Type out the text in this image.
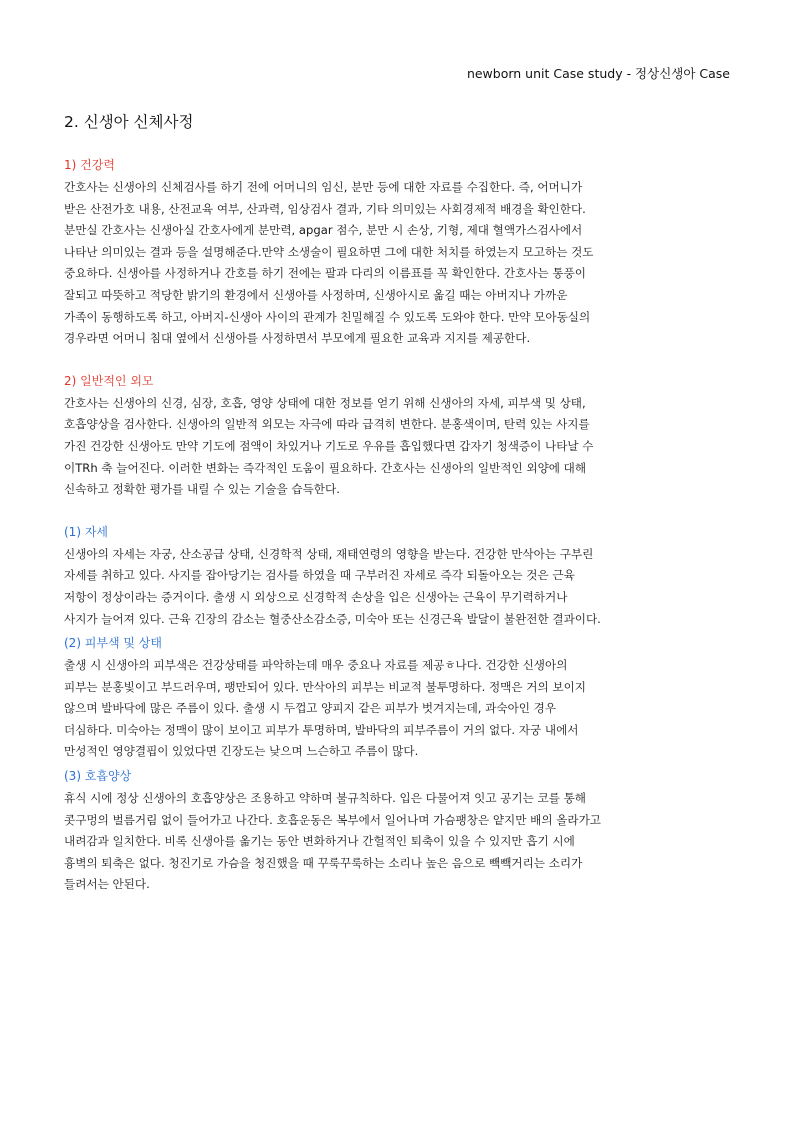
newborn unit Case study - 정상신생아 Case
2. 신생아 신체사정
1) 건강력
간호사는 신생아의 신체검사를 하기 전에 어머니의 임신, 분만 등에 대한 자료를 수집한다. 즉, 어머니가
받은 산전가호 내용, 산전교육 여부, 산과력, 임상검사 결과, 기타 의미있는 사회경제적 배경을 확인한다.
분만실 간호사는 신생아실 간호사에게 분만력, apgar 점수, 분만 시 손상, 기형, 제대 혈액가스검사에서
나타난 의미있는 결과 등을 설명해준다.만약 소생술이 필요하면 그에 대한 처치를 하였는지 모고하는 것도
중요하다. 신생아를 사정하거나 간호를 하기 전에는 팔과 다리의 이름표를 꼭 확인한다. 간호사는 통풍이
잘되고 따뜻하고 적당한 밝기의 환경에서 신생아를 사정하며, 신생아시로 옮길 때는 아버지나 가까운
가족이 동행하도록 하고, 아버지-신생아 사이의 관계가 친밀해질 수 있도록 도와야 한다. 만약 모아동실의
경우라면 어머니 침대 옆에서 신생아를 사정하면서 부모에게 필요한 교육과 지지를 제공한다.
2) 일반적인 외모
간호사는 신생아의 신경, 심장, 호흡, 영양 상태에 대한 정보를 얻기 위해 신생아의 자세, 피부색 및 상태,
호흡양상을 검사한다. 신생아의 일반적 외모는 자극에 따라 급격히 변한다. 분홍색이며, 탄력 있는 사지를
가진 건강한 신생아도 만약 기도에 점액이 차있거나 기도로 우유를 흡입했다면 갑자기 청색증이 나타날 수
이TRh 축 늘어진다. 이러한 변화는 즉각적인 도움이 필요하다. 간호사는 신생아의 일반적인 외양에 대해
신속하고 정확한 평가를 내릴 수 있는 기술을 습득한다.
(1) 자세
신생아의 자세는 자궁, 산소공급 상태, 신경학적 상태, 재태연령의 영향을 받는다. 건강한 만삭아는 구부린
자세를 취하고 있다. 사지를 잡아당기는 검사를 하였을 때 구부러진 자세로 즉각 되돌아오는 것은 근육
저항이 정상이라는 증거이다. 출생 시 외상으로 신경학적 손상을 입은 신생아는 근육이 무기력하거나
사지가 늘어져 있다. 근육 긴장의 감소는 혈중산소감소증, 미숙아 또는 신경근육 발달이 불완전한 결과이다.
(2) 피부색 및 상태
출생 시 신생아의 피부색은 건강상태를 파악하는데 매우 중요나 자료를 제공ㅎ나다. 건강한 신생아의
피부는 분홍빛이고 부드러우며, 팽만되어 있다. 만삭아의 피부는 비교적 불투명하다. 정맥은 거의 보이지
않으며 발바닥에 많은 주름이 있다. 출생 시 두껍고 양피지 같은 피부가 벗겨지는데, 과숙아인 경우
더심하다. 미숙아는 정맥이 많이 보이고 피부가 투명하며, 발바닥의 피부주름이 거의 없다. 자궁 내에서
만성적인 영양결핍이 있었다면 긴장도는 낮으며 느슨하고 주름이 많다.
(3) 호흡양상
휴식 시에 정상 신생아의 호흡양상은 조용하고 약하며 불규칙하다. 입은 다물어져 잇고 공기는 코를 통해
콧구멍의 벌름거림 없이 들어가고 나간다. 호흡운동은 복부에서 일어나며 가슴팽창은 얕지만 배의 올라가고
내려감과 일치한다. 비록 신생아를 옮기는 동안 변화하거나 간헐적인 퇴축이 있을 수 있지만 흡기 시에
흉벽의 퇴축은 없다. 청진기로 가슴을 청진했을 때 꾸룩꾸룩하는 소리나 높은 음으로 빽빽거리는 소리가
들려서는 안된다.
